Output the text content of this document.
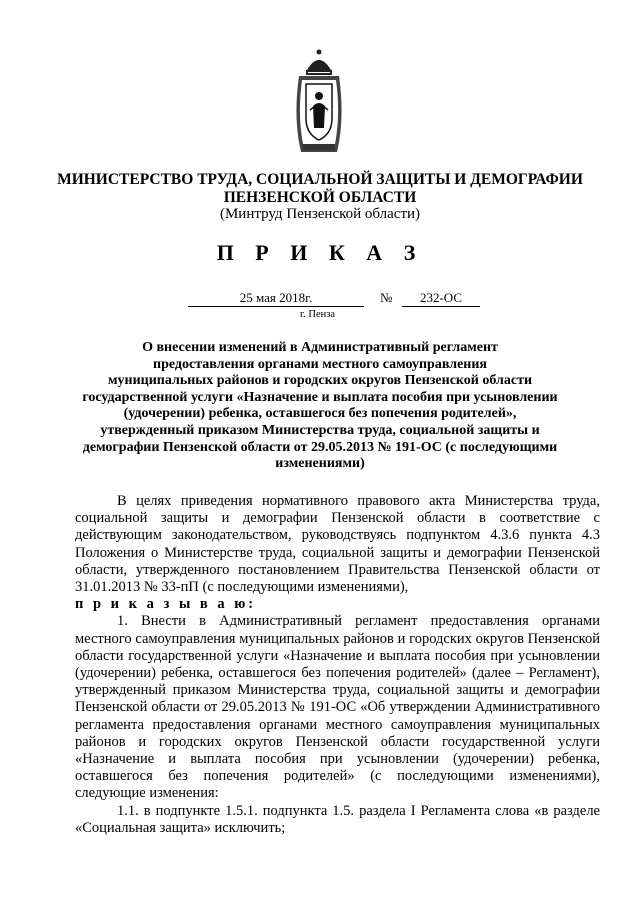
МИНИСТЕРСТВО ТРУДА, СОЦИАЛЬНОЙ ЗАЩИТЫ И ДЕМОГРАФИИ
ПЕНЗЕНСКОЙ ОБЛАСТИ
(Минтруд Пензенской области)
П Р И К А З
25 мая 2018г.	№	232-ОС
г. Пенза
О внесении изменений в Административный регламент
предоставления органами местного самоуправления
муниципальных районов и городских округов Пензенской области
государственной услуги «Назначение и выплата пособия при усыновлении
(удочерении) ребенка, оставшегося без попечения родителей»,
утвержденный приказом Министерства труда, социальной защиты и
демографии Пензенской области от 29.05.2013 № 191-ОС (с последующими
изменениями)

В целях приведения нормативного правового акта Министерства труда, социальной защиты и демографии Пензенской области в соответствие с действующим законодательством, руководствуясь подпунктом 4.3.6 пункта 4.3 Положения о Министерстве труда, социальной защиты и демографии Пензенской области, утвержденного постановлением Правительства Пензенской области от 31.01.2013 № 33-пП (с последующими изменениями),

п р и к а з ы в а ю:

1. Внести в Административный регламент предоставления органами местного самоуправления муниципальных районов и городских округов Пензенской области государственной услуги «Назначение и выплата пособия при усыновлении (удочерении) ребенка, оставшегося без попечения родителей» (далее – Регламент), утвержденный приказом Министерства труда, социальной защиты и демографии Пензенской области от 29.05.2013 № 191-ОС «Об утверждении Административного регламента предоставления органами местного самоуправления муниципальных районов и городских округов Пензенской области государственной услуги «Назначение и выплата пособия при усыновлении (удочерении) ребенка, оставшегося без попечения родителей» (с последующими изменениями), следующие изменения:

1.1. в подпункте 1.5.1. подпункта 1.5. раздела I Регламента слова «в разделе «Социальная защита» исключить;
